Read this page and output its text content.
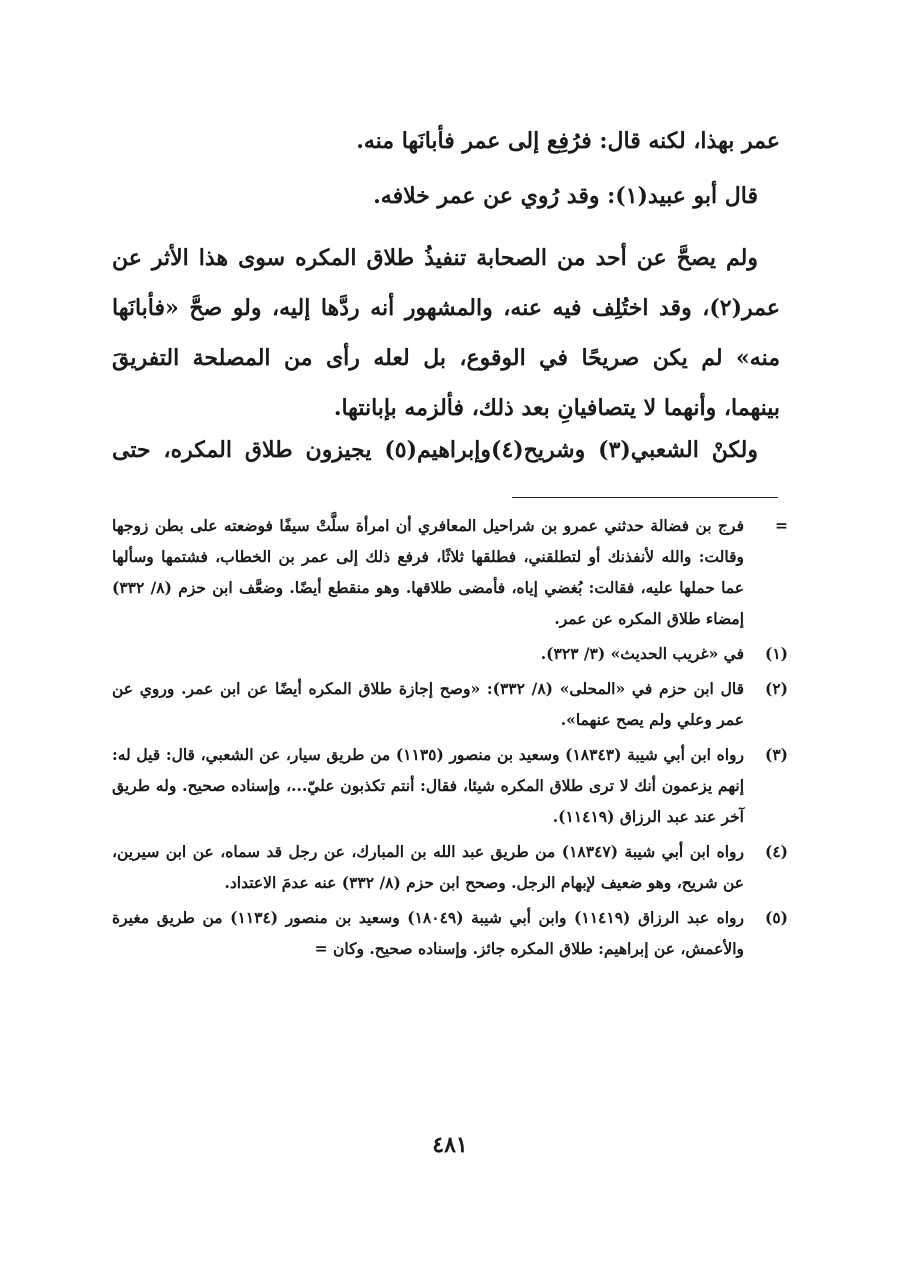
عمر بهذا، لكنه قال: فرُفِع إلى عمر فأبانَها منه.
قال أبو عبيد(١): وقد رُوي عن عمر خلافه.

ولم يصحَّ عن أحد من الصحابة تنفيذُ طلاق المكره سوى هذا الأثر عن

عمر(٢)، وقد اختُلِف فيه عنه، والمشهور أنه ردَّها إليه، ولو صحَّ «فأبانَها منه» لم يكن صريحًا في الوقوع، بل لعله رأى من المصلحة التفريقَ بينهما، وأنهما لا يتصافيانِ بعد ذلك، فألزمه بإبانتها.

ولكنْ الشعبي(٣) وشريح(٤)وإبراهيم(٥) يجيزون طلاق المكره، حتى

=
فرج بن فضالة حدثني عمرو بن شراحيل المعافري أن امرأة سلَّتْ سيفًا فوضعته على بطن زوجها وقالت: والله لأنفذنك أو لتطلقني، فطلقها ثلاثًا، فرفع ذلك إلى عمر بن الخطاب، فشتمها وسألها عما حملها عليه، فقالت: بُغضي إياه، فأمضى طلاقها. وهو منقطع أيضًا. وضعَّف ابن حزم (٨/ ٣٣٢) إمضاء طلاق المكره عن عمر.
(١)
في «غريب الحديث» (٣/ ٣٢٣).
(٢)
قال ابن حزم في «المحلى» (٨/ ٣٣٢): «وصح إجازة طلاق المكره أيضًا عن ابن عمر. وروي عن عمر وعلي ولم يصح عنهما».
(٣)
رواه ابن أبي شيبة (١٨٣٤٣) وسعيد بن منصور (١١٣٥) من طريق سيار، عن الشعبي، قال: قيل له: إنهم يزعمون أنك لا ترى طلاق المكره شيئا، فقال: أنتم تكذبون عليّ...، وإسناده صحيح. وله طريق آخر عند عبد الرزاق (١١٤١٩).
(٤)
رواه ابن أبي شيبة (١٨٣٤٧) من طريق عبد الله بن المبارك، عن رجل قد سماه، عن ابن سيرين، عن شريح، وهو ضعيف لإبهام الرجل. وصحح ابن حزم (٨/ ٣٣٢) عنه عدمَ الاعتداد.
(٥)
رواه عبد الرزاق (١١٤١٩) وابن أبي شيبة (١٨٠٤٩) وسعيد بن منصور (١١٣٤) من طريق مغيرة والأعمش، عن إبراهيم: طلاق المكره جائز. وإسناده صحيح. وكان =
٤٨١
